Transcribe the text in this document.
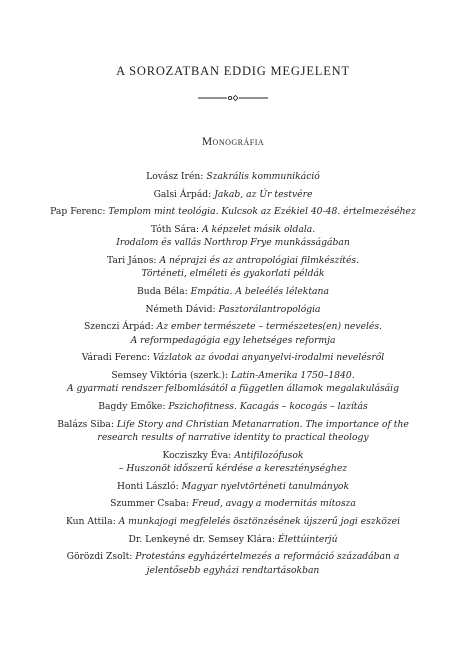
A SOROZATBAN EDDIG MEGJELENT
Monográfia
Lovász Irén: Szakrális kommunikáció
Galsi Árpád: Jakab, az Úr testvére
Pap Ferenc: Templom mint teológia. Kulcsok az Ezékiel 40-48. értelmezéséhez
Tóth Sára: A képzelet másik oldala.
Irodalom és vallás Northrop Frye munkásságában
Tari János: A néprajzi és az antropológiai filmkészítés.
Történeti, elméleti és gyakorlati példák
Buda Béla: Empátia. A beleélés lélektana
Németh Dávid: Pasztorálantropológia
Szenczi Árpád: Az ember természete – természetes(en) nevelés.
A reformpedagógia egy lehetséges reformja
Váradi Ferenc: Vázlatok az óvodai anyanyelvi-irodalmi nevelésről
Semsey Viktória (szerk.): Latin-Amerika 1750–1840.
A gyarmati rendszer felbomlásától a független államok megalakulásáig
Bagdy Emőke: Pszichofitness. Kacagás – kocogás – lazítás
Balázs Siba: Life Story and Christian Metanarration. The importance of the
research results of narrative identity to practical theology
Kocziszky Éva: Antifilozófusok
– Huszonöt időszerű kérdése a kereszténységhez
Honti László: Magyar nyelvtörténeti tanulmányok
Szummer Csaba: Freud, avagy a modernitás mítosza
Kun Attila: A munkajogi megfelelés ösztönzésének újszerű jogi eszközei
Dr. Lenkeyné dr. Semsey Klára: Élettúinterjú
Görözdi Zsolt: Protestáns egyházértelmezés a reformáció századában a
jelentősebb egyházi rendtartásokban
